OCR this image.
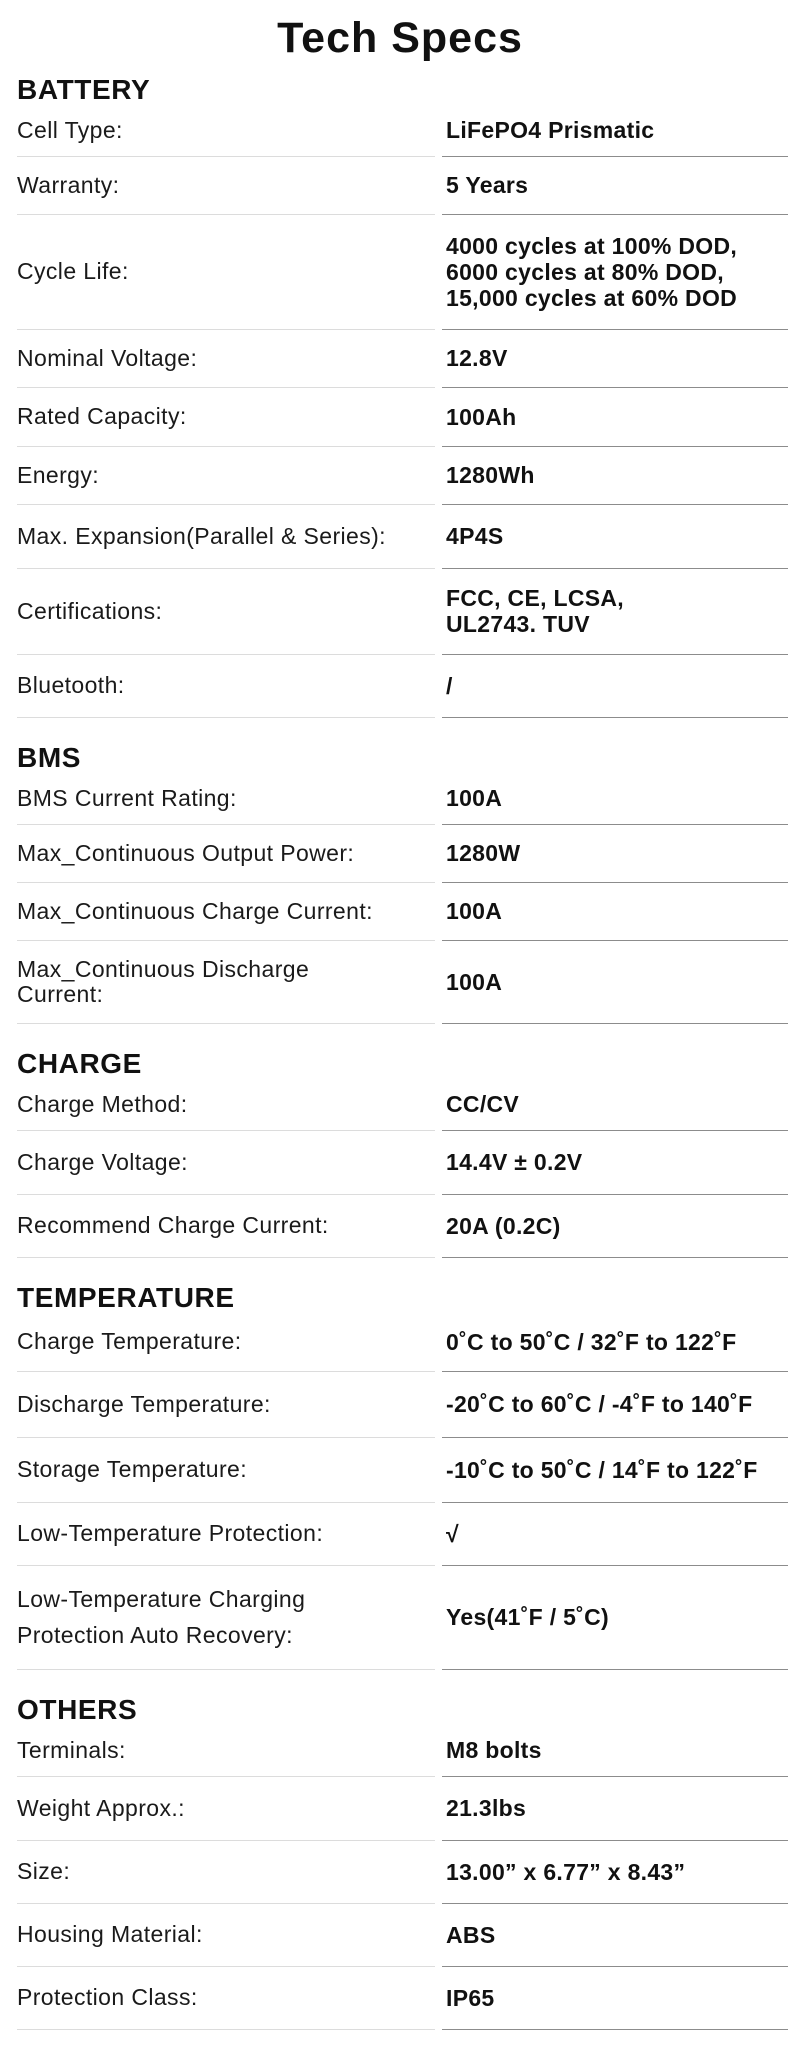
Tech Specs
BATTERY
Cell Type:	LiFePO4 Prismatic
Warranty:	5 Years
Cycle Life:
4000 cycles at 100% DOD,
6000 cycles at 80% DOD,
15,000 cycles at 60% DOD
Nominal Voltage:	12.8V
Rated Capacity:	100Ah
Energy:	1280Wh
Max. Expansion(Parallel & Series):	4P4S
Certifications:	FCC, CE, LCSA,
UL2743. TUV
Bluetooth:	/
BMS
BMS Current Rating:	100A
Max_Continuous Output Power:	1280W
Max_Continuous Charge Current:	100A
Max_Continuous Discharge
Current:	100A
CHARGE
Charge Method:	CC/CV
Charge Voltage:	14.4V ± 0.2V
Recommend Charge Current:	20A (0.2C)
TEMPERATURE
Charge Temperature:	0˚C to 50˚C / 32˚F to 122˚F
Discharge Temperature:	-20˚C to 60˚C / -4˚F to 140˚F
Storage Temperature:	-10˚C to 50˚C / 14˚F to 122˚F
Low-Temperature Protection:	√
Low-Temperature Charging
Protection Auto Recovery:
Yes(41˚F / 5˚C)
OTHERS
Terminals:	M8 bolts
Weight Approx.:	21.3lbs
Size:	13.00” x 6.77” x 8.43”
Housing Material:	ABS
Protection Class:	IP65
